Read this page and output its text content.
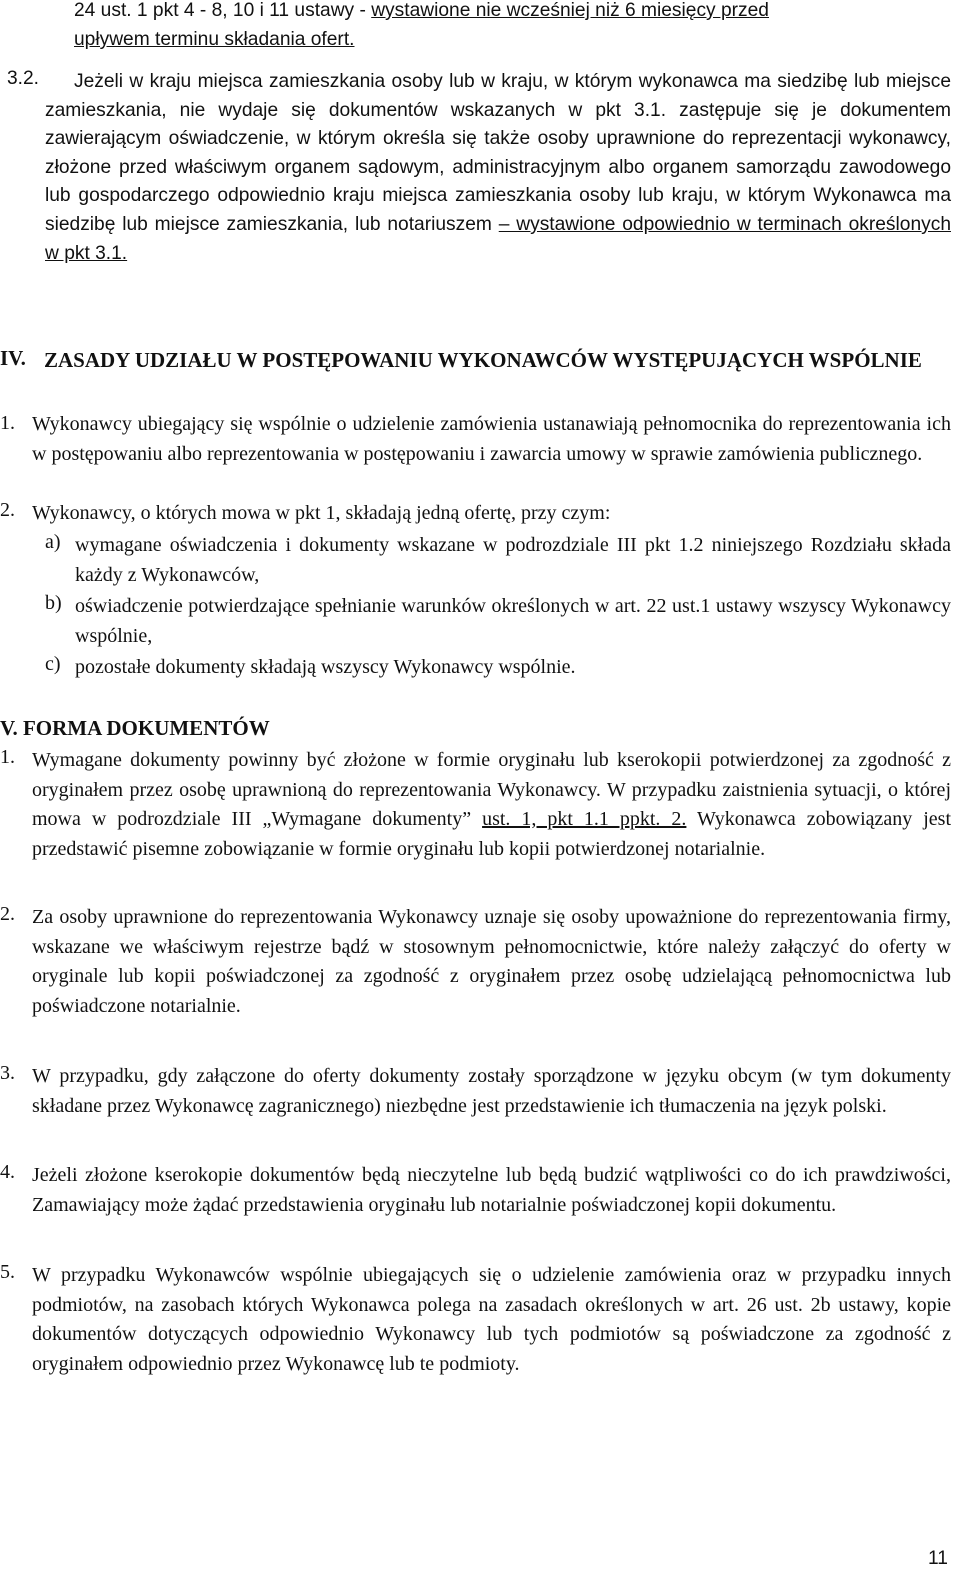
24 ust. 1 pkt 4 - 8, 10 i 11 ustawy - wystawione nie wcześniej niż 6 miesięcy przed
upływem terminu składania ofert.
3.2.	Jeżeli w kraju miejsca zamieszkania osoby lub w kraju, w którym wykonawca ma siedzibę lub miejsce zamieszkania, nie wydaje się dokumentów wskazanych w pkt 3.1. zastępuje się je dokumentem zawierającym oświadczenie, w którym określa się także osoby uprawnione do reprezentacji wykonawcy, złożone przed właściwym organem sądowym, administracyjnym albo organem samorządu zawodowego lub gospodarczego odpowiednio kraju miejsca zamieszkania osoby lub kraju, w którym Wykonawca ma siedzibę lub miejsce zamieszkania, lub notariuszem – wystawione odpowiednio w terminach określonych w pkt 3.1.
IV. ZASADY UDZIAŁU W POSTĘPOWANIU WYKONAWCÓW WYSTĘPUJĄCYCH WSPÓLNIE
1. Wykonawcy ubiegający się wspólnie o udzielenie zamówienia ustanawiają pełnomocnika do reprezentowania ich w postępowaniu albo reprezentowania w postępowaniu i zawarcia umowy w sprawie zamówienia publicznego.
2. Wykonawcy, o których mowa w pkt 1, składają jedną ofertę, przy czym:
a) wymagane oświadczenia i dokumenty wskazane w podrozdziale III pkt 1.2 niniejszego Rozdziału składa każdy z Wykonawców,
b) oświadczenie potwierdzające spełnianie warunków określonych w art. 22 ust.1 ustawy wszyscy Wykonawcy wspólnie,
c) pozostałe dokumenty składają wszyscy Wykonawcy wspólnie.
V. FORMA DOKUMENTÓW
1. Wymagane dokumenty powinny być złożone w formie oryginału lub kserokopii potwierdzonej za zgodność z oryginałem przez osobę uprawnioną do reprezentowania Wykonawcy. W przypadku zaistnienia sytuacji, o której mowa w podrozdziale III „Wymagane dokumenty” ust. 1, pkt 1.1 ppkt. 2. Wykonawca zobowiązany jest przedstawić pisemne zobowiązanie w formie oryginału lub kopii potwierdzonej notarialnie.
2. Za osoby uprawnione do reprezentowania Wykonawcy uznaje się osoby upoważnione do reprezentowania firmy, wskazane we właściwym rejestrze bądź w stosownym pełnomocnictwie, które należy załączyć do oferty w oryginale lub kopii poświadczonej za zgodność z oryginałem przez osobę udzielającą pełnomocnictwa lub poświadczone notarialnie.
3. W przypadku, gdy załączone do oferty dokumenty zostały sporządzone w języku obcym (w tym dokumenty składane przez Wykonawcę zagranicznego) niezbędne jest przedstawienie ich tłumaczenia na język polski.
4. Jeżeli złożone kserokopie dokumentów będą nieczytelne lub będą budzić wątpliwości co do ich prawdziwości, Zamawiający może żądać przedstawienia oryginału lub notarialnie poświadczonej kopii dokumentu.
5. W przypadku Wykonawców wspólnie ubiegających się o udzielenie zamówienia oraz w przypadku innych podmiotów, na zasobach których Wykonawca polega na zasadach określonych w art. 26 ust. 2b ustawy, kopie dokumentów dotyczących odpowiednio Wykonawcy lub tych podmiotów są poświadczone za zgodność z oryginałem odpowiednio przez Wykonawcę lub te podmioty.
11
